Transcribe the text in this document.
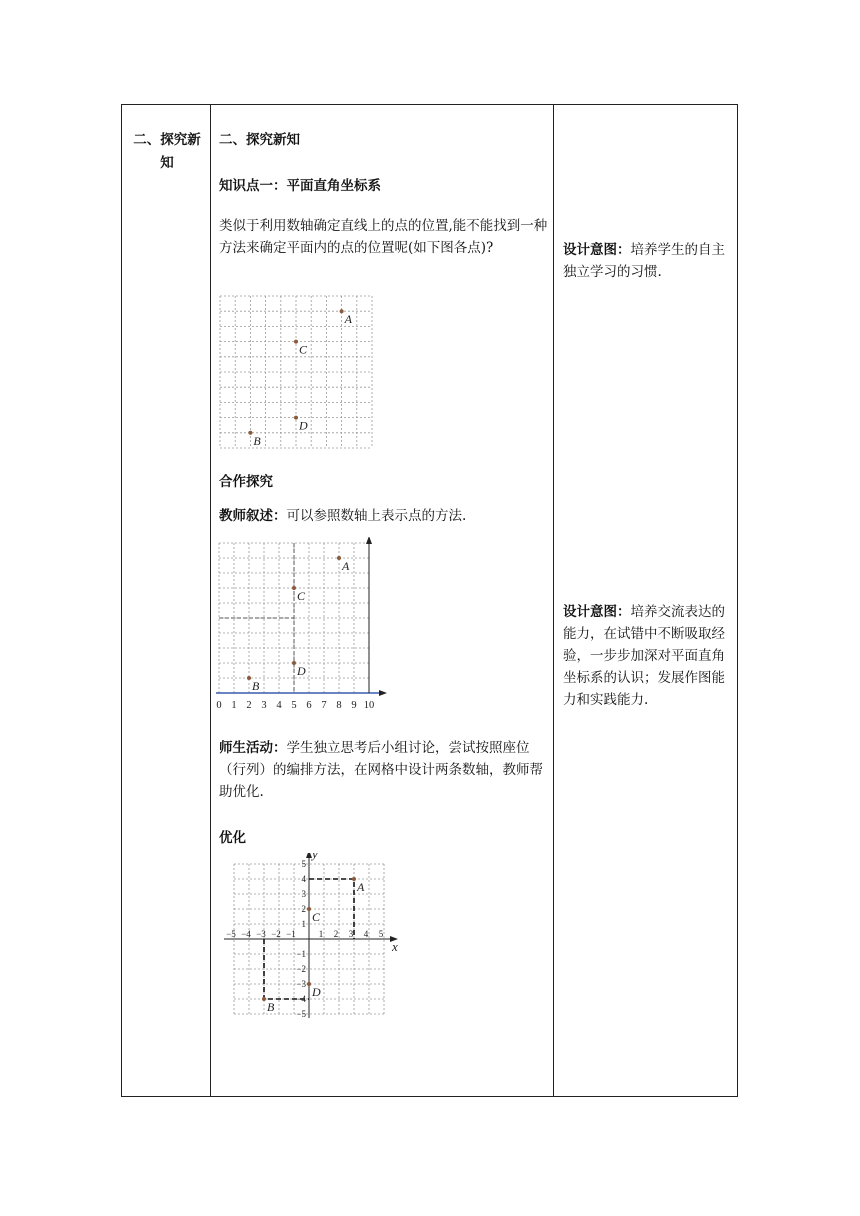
二、探究新知

二、探究新知

知识点一：平面直角坐标系

类似于利用数轴确定直线上的点的位置,能不能找到一种方法来确定平面内的点的位置呢(如下图各点)?

A
C
D
B

合作探究

教师叙述：可以参照数轴上表示点的方法.

0 1 2 3 4 5 6 7 8 9 10
A
C
D
B

师生活动：学生独立思考后小组讨论，尝试按照座位（行列）的编排方法，在网格中设计两条数轴，教师帮助优化.

优化

x
y
−5 −4 −3 −2 −1	1 2 3 4 5
5
4
3
2
1
−1
−2
−3
−4
−5
A
C
D
B

设计意图：培养学生的自主独立学习的习惯.

设计意图：培养交流表达的能力，在试错中不断吸取经验，一步步加深对平面直角坐标系的认识；发展作图能力和实践能力.
